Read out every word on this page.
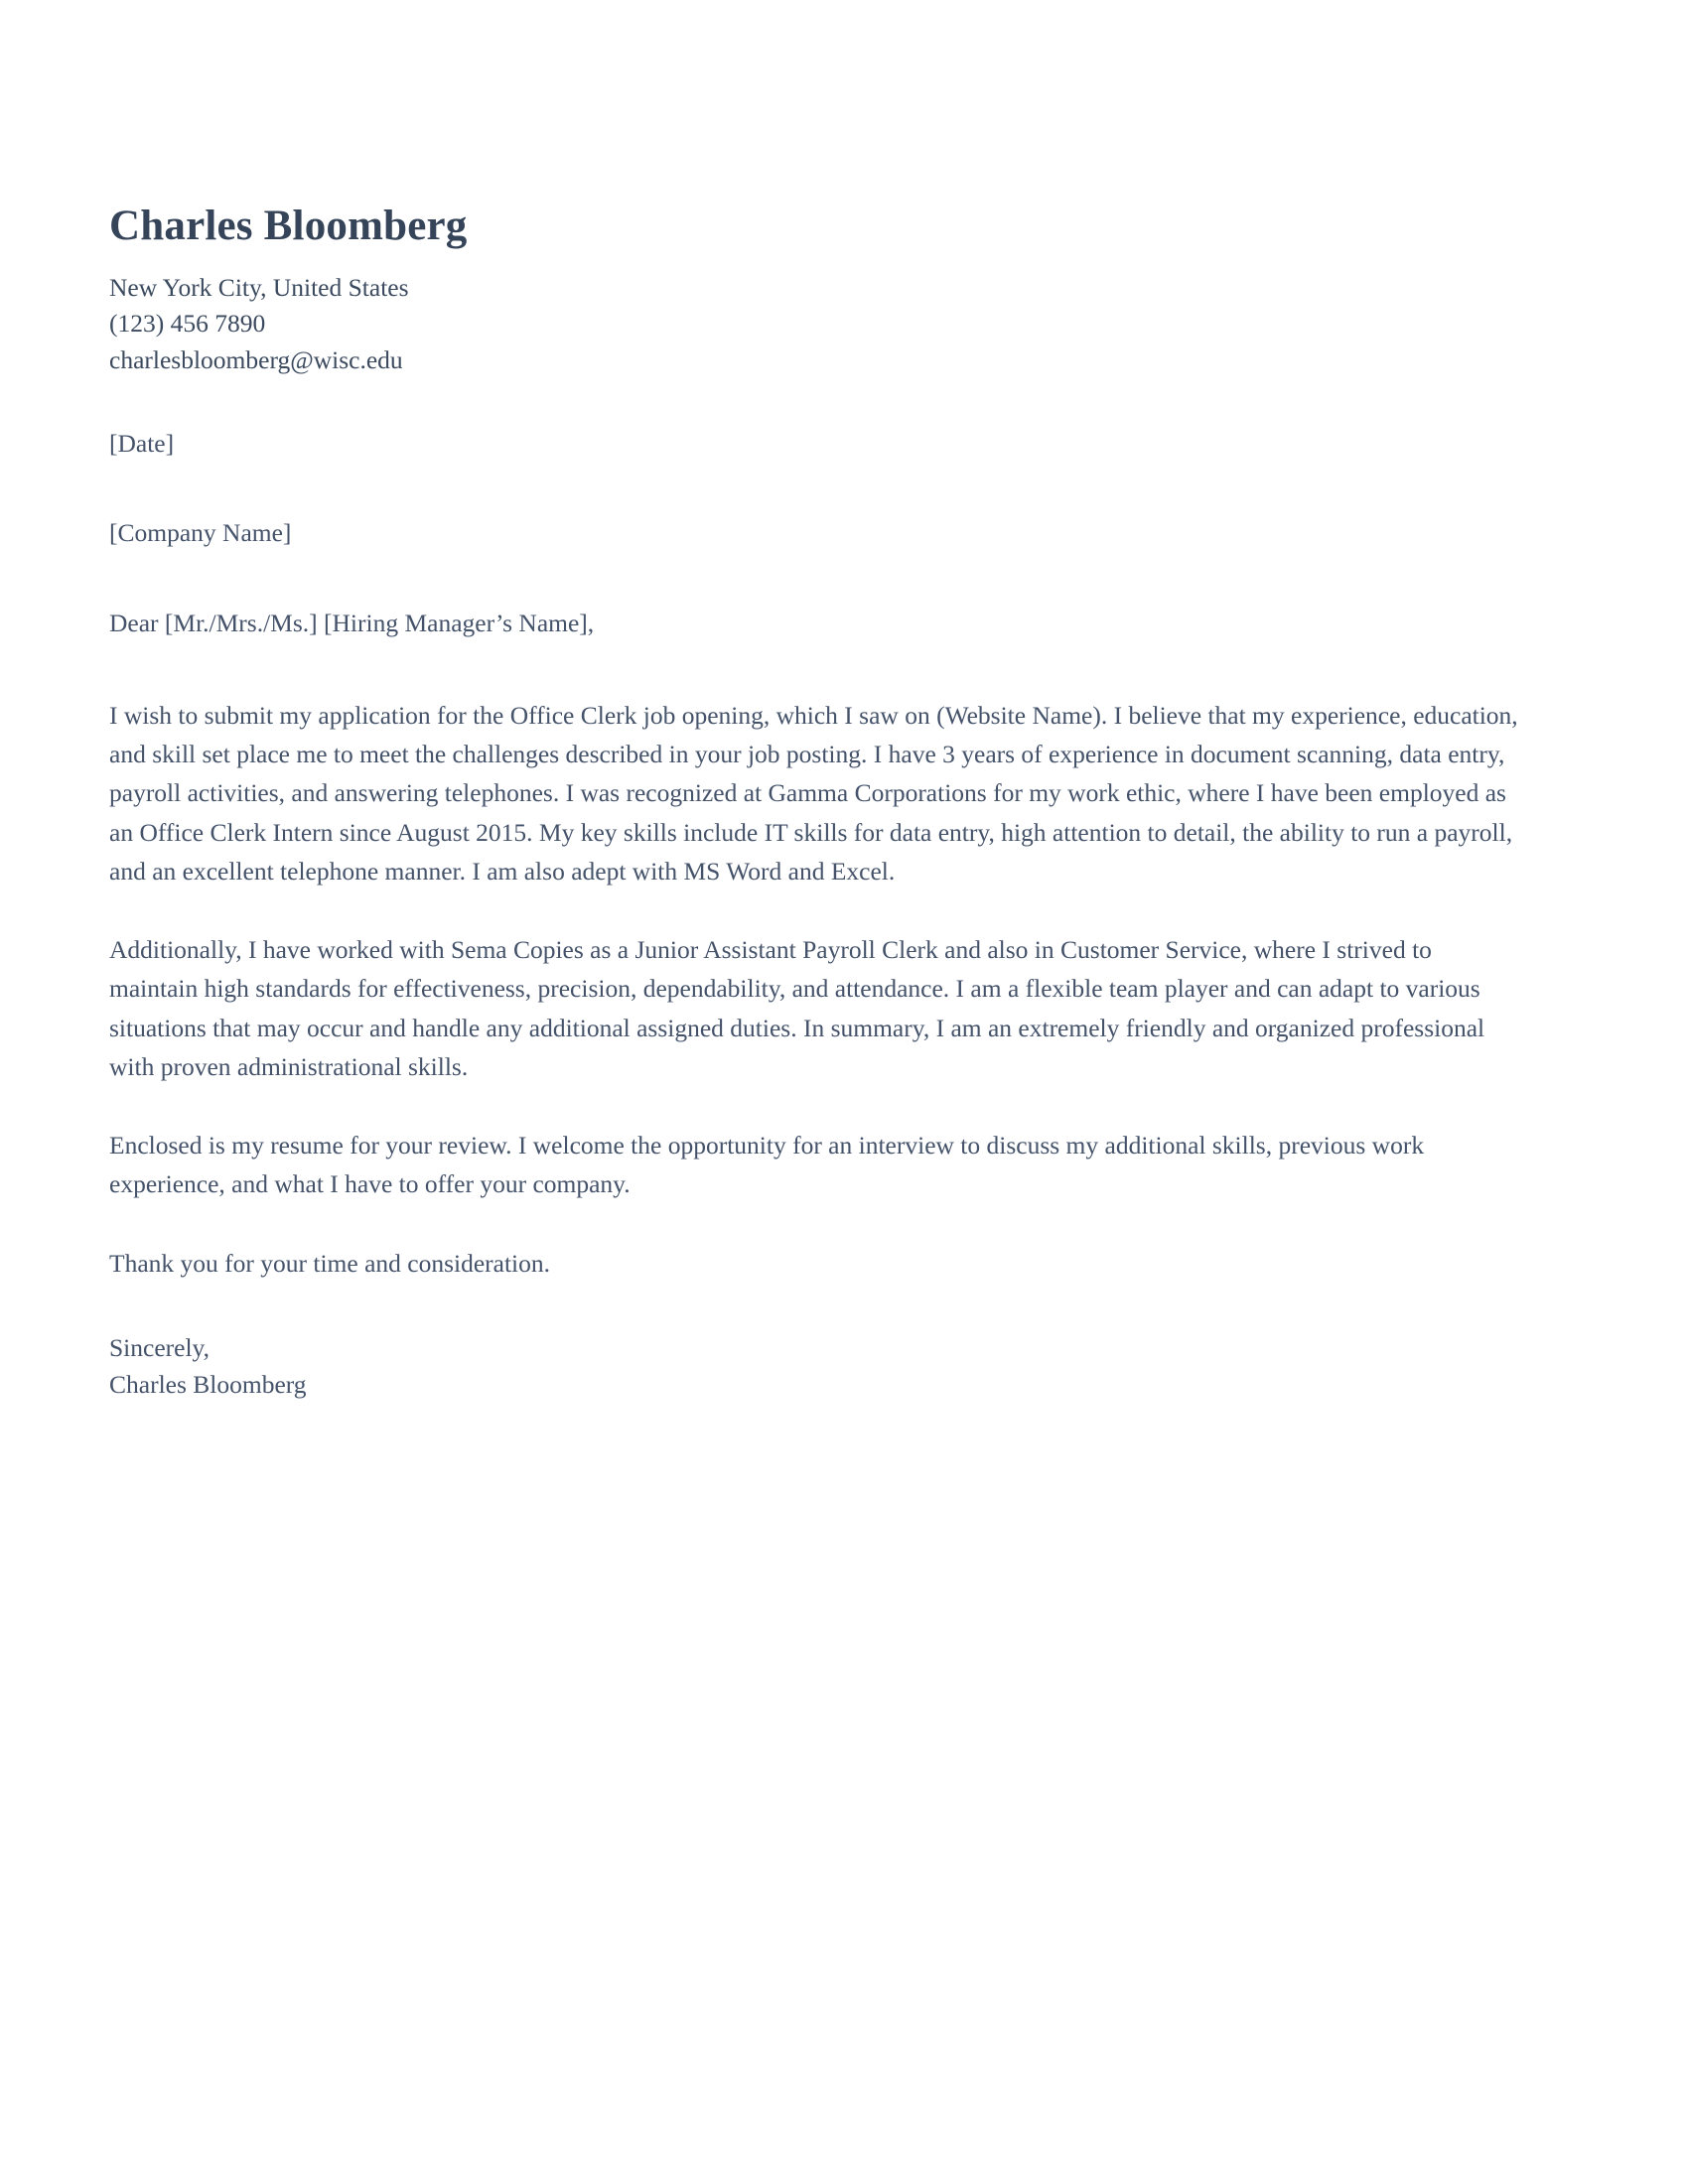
Charles Bloomberg

New York City, United States

(123) 456 7890

charlesbloomberg@wisc.edu

[Date]

[Company Name]

Dear [Mr./Mrs./Ms.] [Hiring Manager’s Name],

I wish to submit my application for the Office Clerk job opening, which I saw on (Website Name). I believe that my experience, education, and skill set place me to meet the challenges described in your job posting. I have 3 years of experience in document scanning, data entry, payroll activities, and answering telephones. I was recognized at Gamma Corporations for my work ethic, where I have been employed as an Office Clerk Intern since August 2015. My key skills include IT skills for data entry, high attention to detail, the ability to run a payroll, and an excellent telephone manner. I am also adept with MS Word and Excel.

Additionally, I have worked with Sema Copies as a Junior Assistant Payroll Clerk and also in Customer Service, where I strived to maintain high standards for effectiveness, precision, dependability, and attendance. I am a flexible team player and can adapt to various situations that may occur and handle any additional assigned duties. In summary, I am an extremely friendly and organized professional with proven administrational skills.

Enclosed is my resume for your review. I welcome the opportunity for an interview to discuss my additional skills, previous work experience, and what I have to offer your company.

Thank you for your time and consideration.

Sincerely,

Charles Bloomberg
